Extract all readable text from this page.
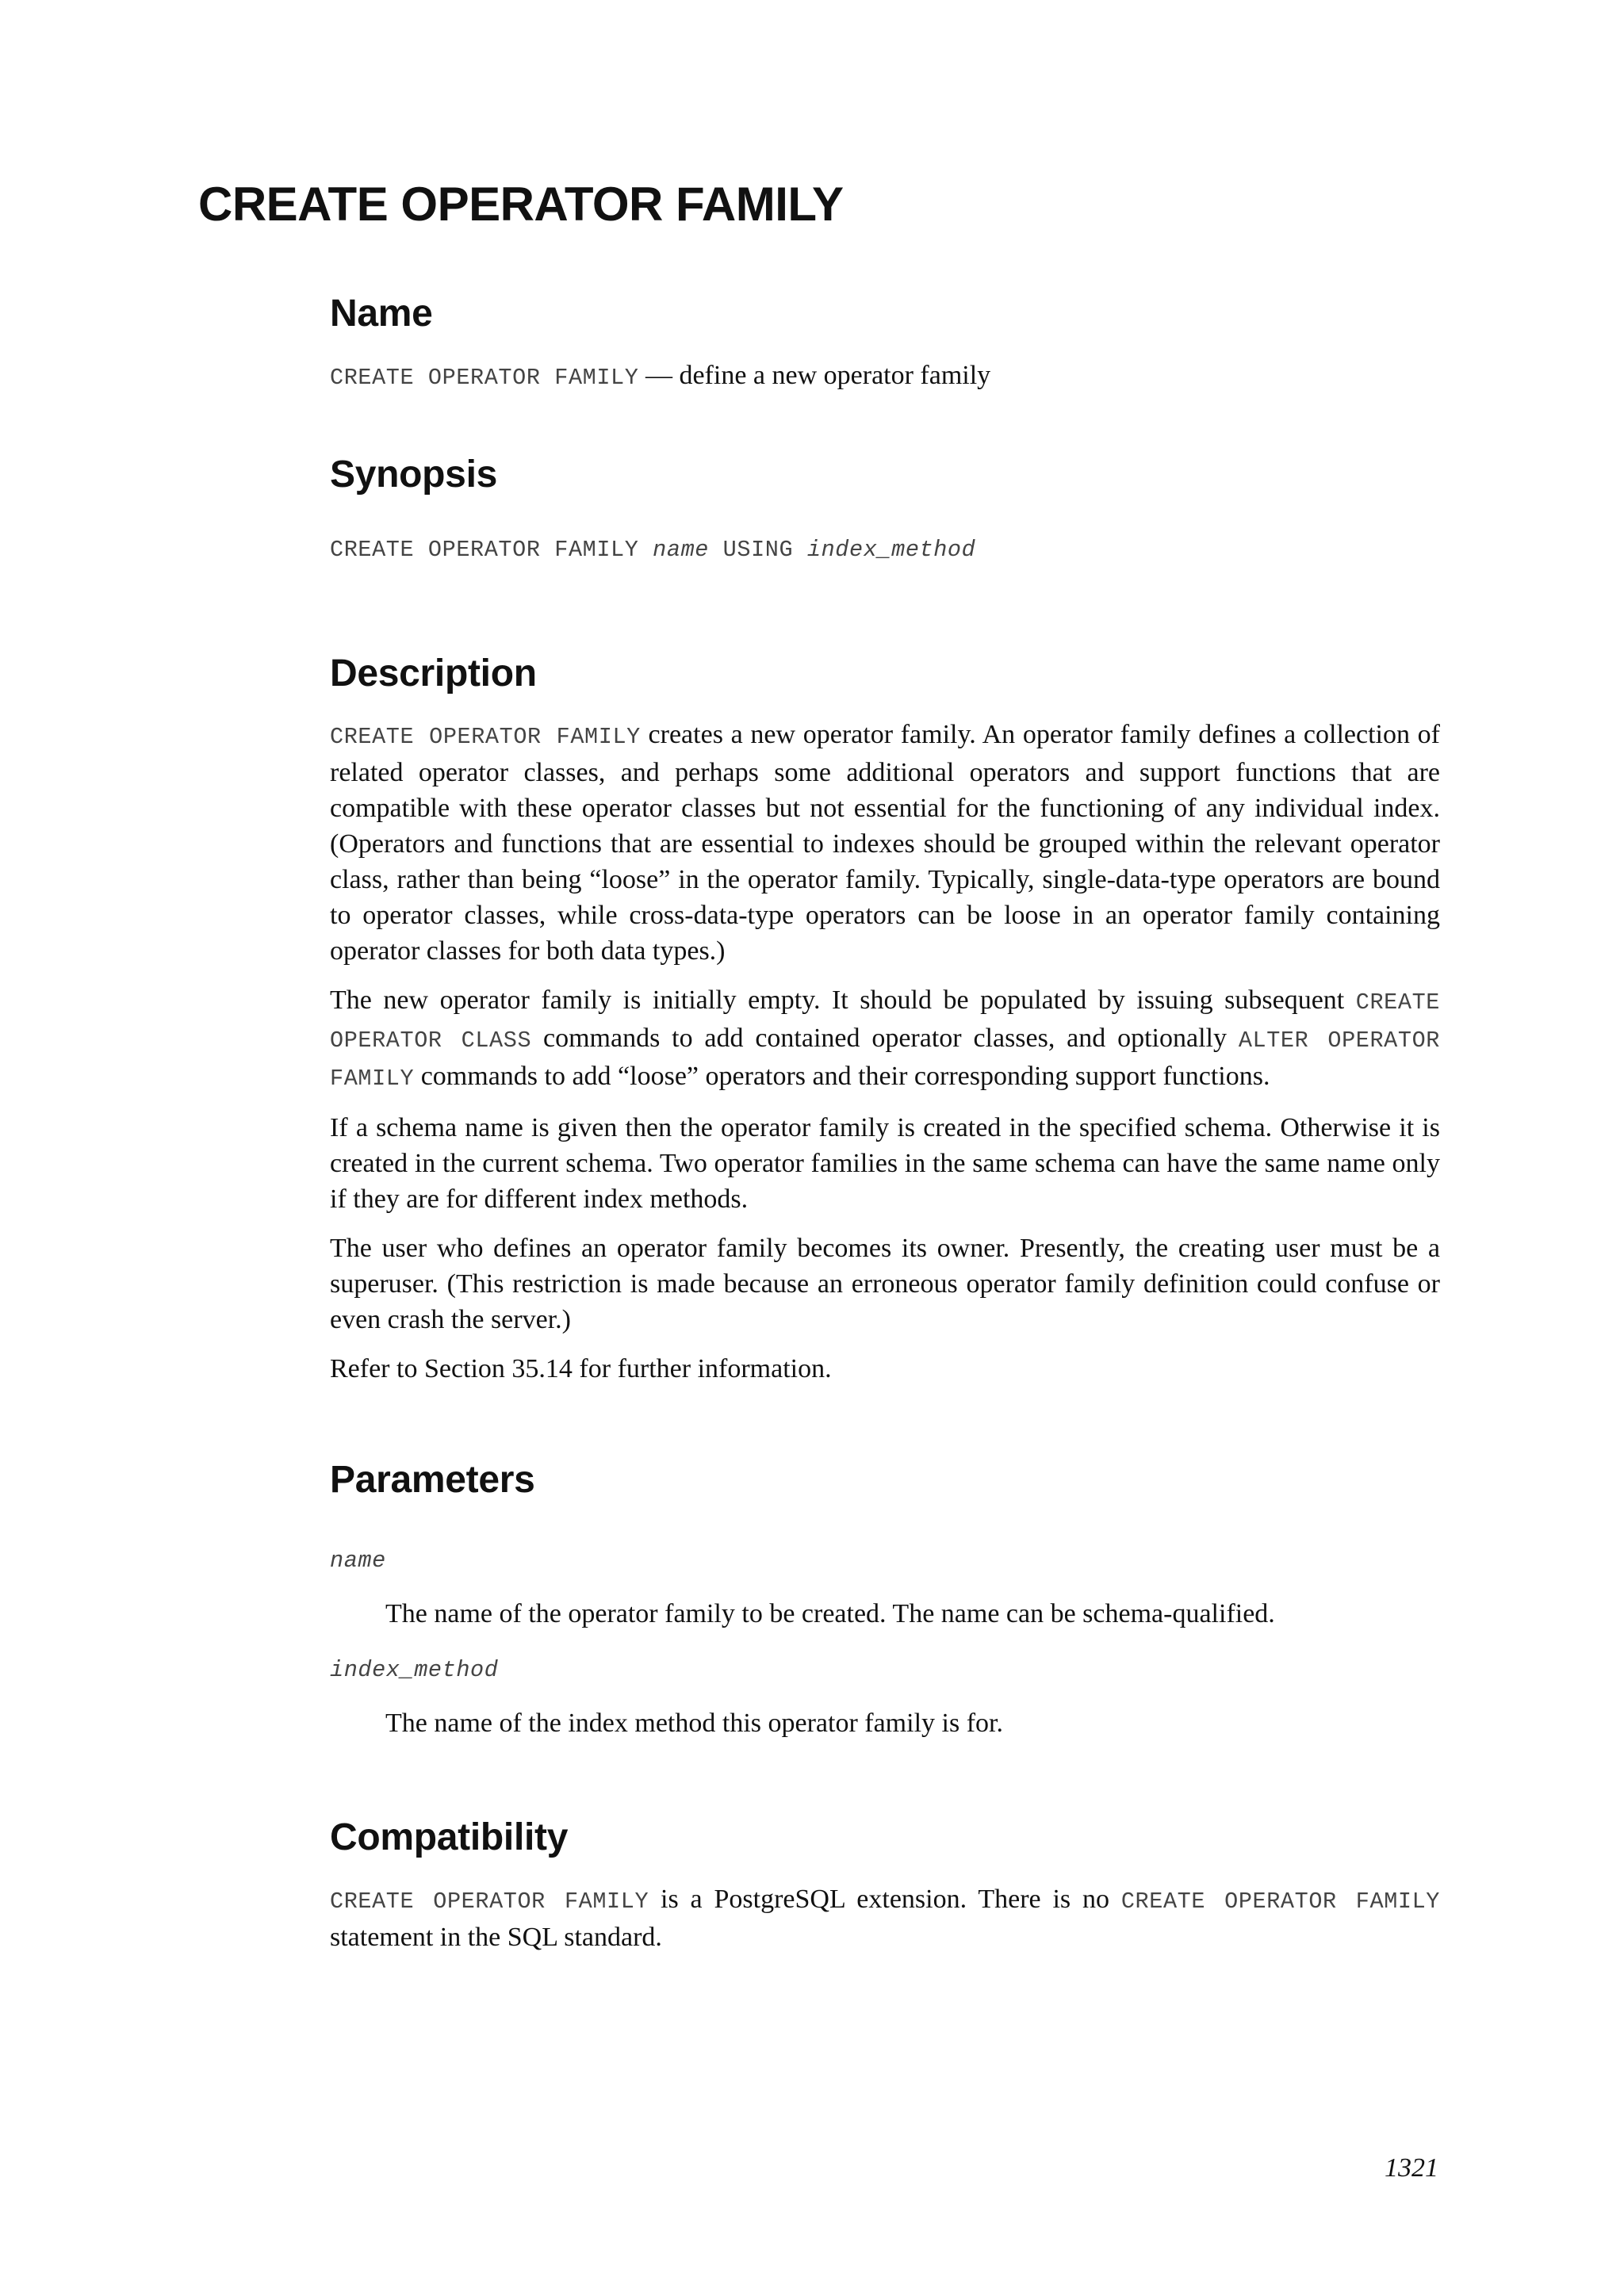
CREATE OPERATOR FAMILY
Name

CREATE OPERATOR FAMILY — define a new operator family

Synopsis
CREATE OPERATOR FAMILY name USING index_method
Description

CREATE OPERATOR FAMILY creates a new operator family. An operator family defines a collection of related operator classes, and perhaps some additional operators and support functions that are compatible with these operator classes but not essential for the functioning of any individual index. (Operators and functions that are essential to indexes should be grouped within the relevant operator class, rather than being “loose” in the operator family. Typically, single-data-type operators are bound to operator classes, while cross-data-type operators can be loose in an operator family containing operator classes for both data types.)

The new operator family is initially empty. It should be populated by issuing subsequent CREATE OPERATOR CLASS commands to add contained operator classes, and optionally ALTER OPERATOR FAMILY commands to add “loose” operators and their corresponding support functions.

If a schema name is given then the operator family is created in the specified schema. Otherwise it is created in the current schema. Two operator families in the same schema can have the same name only if they are for different index methods.

The user who defines an operator family becomes its owner. Presently, the creating user must be a superuser. (This restriction is made because an erroneous operator family definition could confuse or even crash the server.)

Refer to Section 35.14 for further information.

Parameters
name

The name of the operator family to be created. The name can be schema-qualified.

index_method

The name of the index method this operator family is for.

Compatibility

CREATE OPERATOR FAMILY is a PostgreSQL extension. There is no CREATE OPERATOR FAMILY statement in the SQL standard.

1321
